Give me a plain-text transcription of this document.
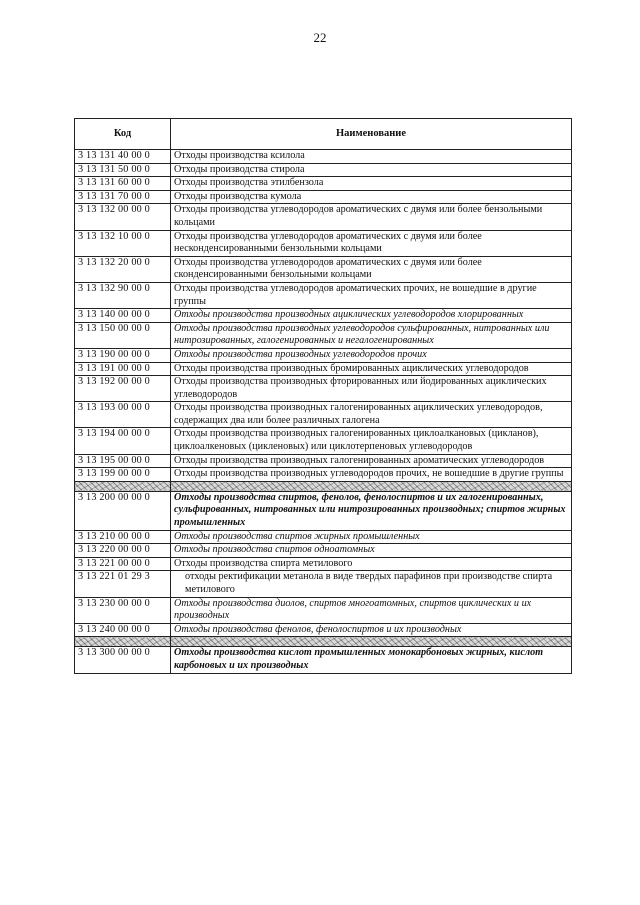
22
Код	Наименование
3 13 131 40 00 0	Отходы производства ксилола
3 13 131 50 00 0	Отходы производства стирола
3 13 131 60 00 0	Отходы производства этилбензола
3 13 131 70 00 0	Отходы производства кумола
3 13 132 00 00 0	Отходы производства углеводородов ароматических с двумя или более бензольными кольцами
3 13 132 10 00 0	Отходы производства углеводородов ароматических с двумя или более несконденсированными бензольными кольцами
3 13 132 20 00 0	Отходы производства углеводородов ароматических с двумя или более сконденсированными бензольными кольцами
3 13 132 90 00 0	Отходы производства углеводородов ароматических прочих, не вошедшие в другие группы
3 13 140 00 00 0	Отходы производства производных ациклических углеводородов хлорированных
3 13 150 00 00 0	Отходы производства производных углеводородов сульфированных, нитрованных или нитрозированных, галогенированных и негалогенированных
3 13 190 00 00 0	Отходы производства производных углеводородов прочих
3 13 191 00 00 0	Отходы производства производных бромированных ациклических углеводородов
3 13 192 00 00 0	Отходы производства производных фторированных или йодированных ациклических углеводородов
3 13 193 00 00 0	Отходы производства производных галогенированных ациклических углеводородов, содержащих два или более различных галогена
3 13 194 00 00 0	Отходы производства производных галогенированных циклоалкановых (цикланов), циклоалкеновых (цикленовых) или циклотерпеновых углеводородов
3 13 195 00 00 0	Отходы производства производных галогенированных ароматических углеводородов
3 13 199 00 00 0	Отходы производства производных углеводородов прочих, не вошедшие в другие группы

3 13 200 00 00 0	Отходы производства спиртов, фенолов, фенолоспиртов и их галогенированных, сульфированных, нитрованных или нитрозированных производных; спиртов жирных промышленных
3 13 210 00 00 0	Отходы производства спиртов жирных промышленных
3 13 220 00 00 0	Отходы производства спиртов одноатомных
3 13 221 00 00 0	Отходы производства спирта метилового
3 13 221 01 29 3	отходы ректификации метанола в виде твердых парафинов при производстве спирта метилового
3 13 230 00 00 0	Отходы производства диолов, спиртов многоатомных, спиртов циклических и их производных
3 13 240 00 00 0	Отходы производства фенолов, фенолоспиртов и их производных

3 13 300 00 00 0	Отходы производства кислот промышленных монокарбоновых жирных, кислот карбоновых и их производных
